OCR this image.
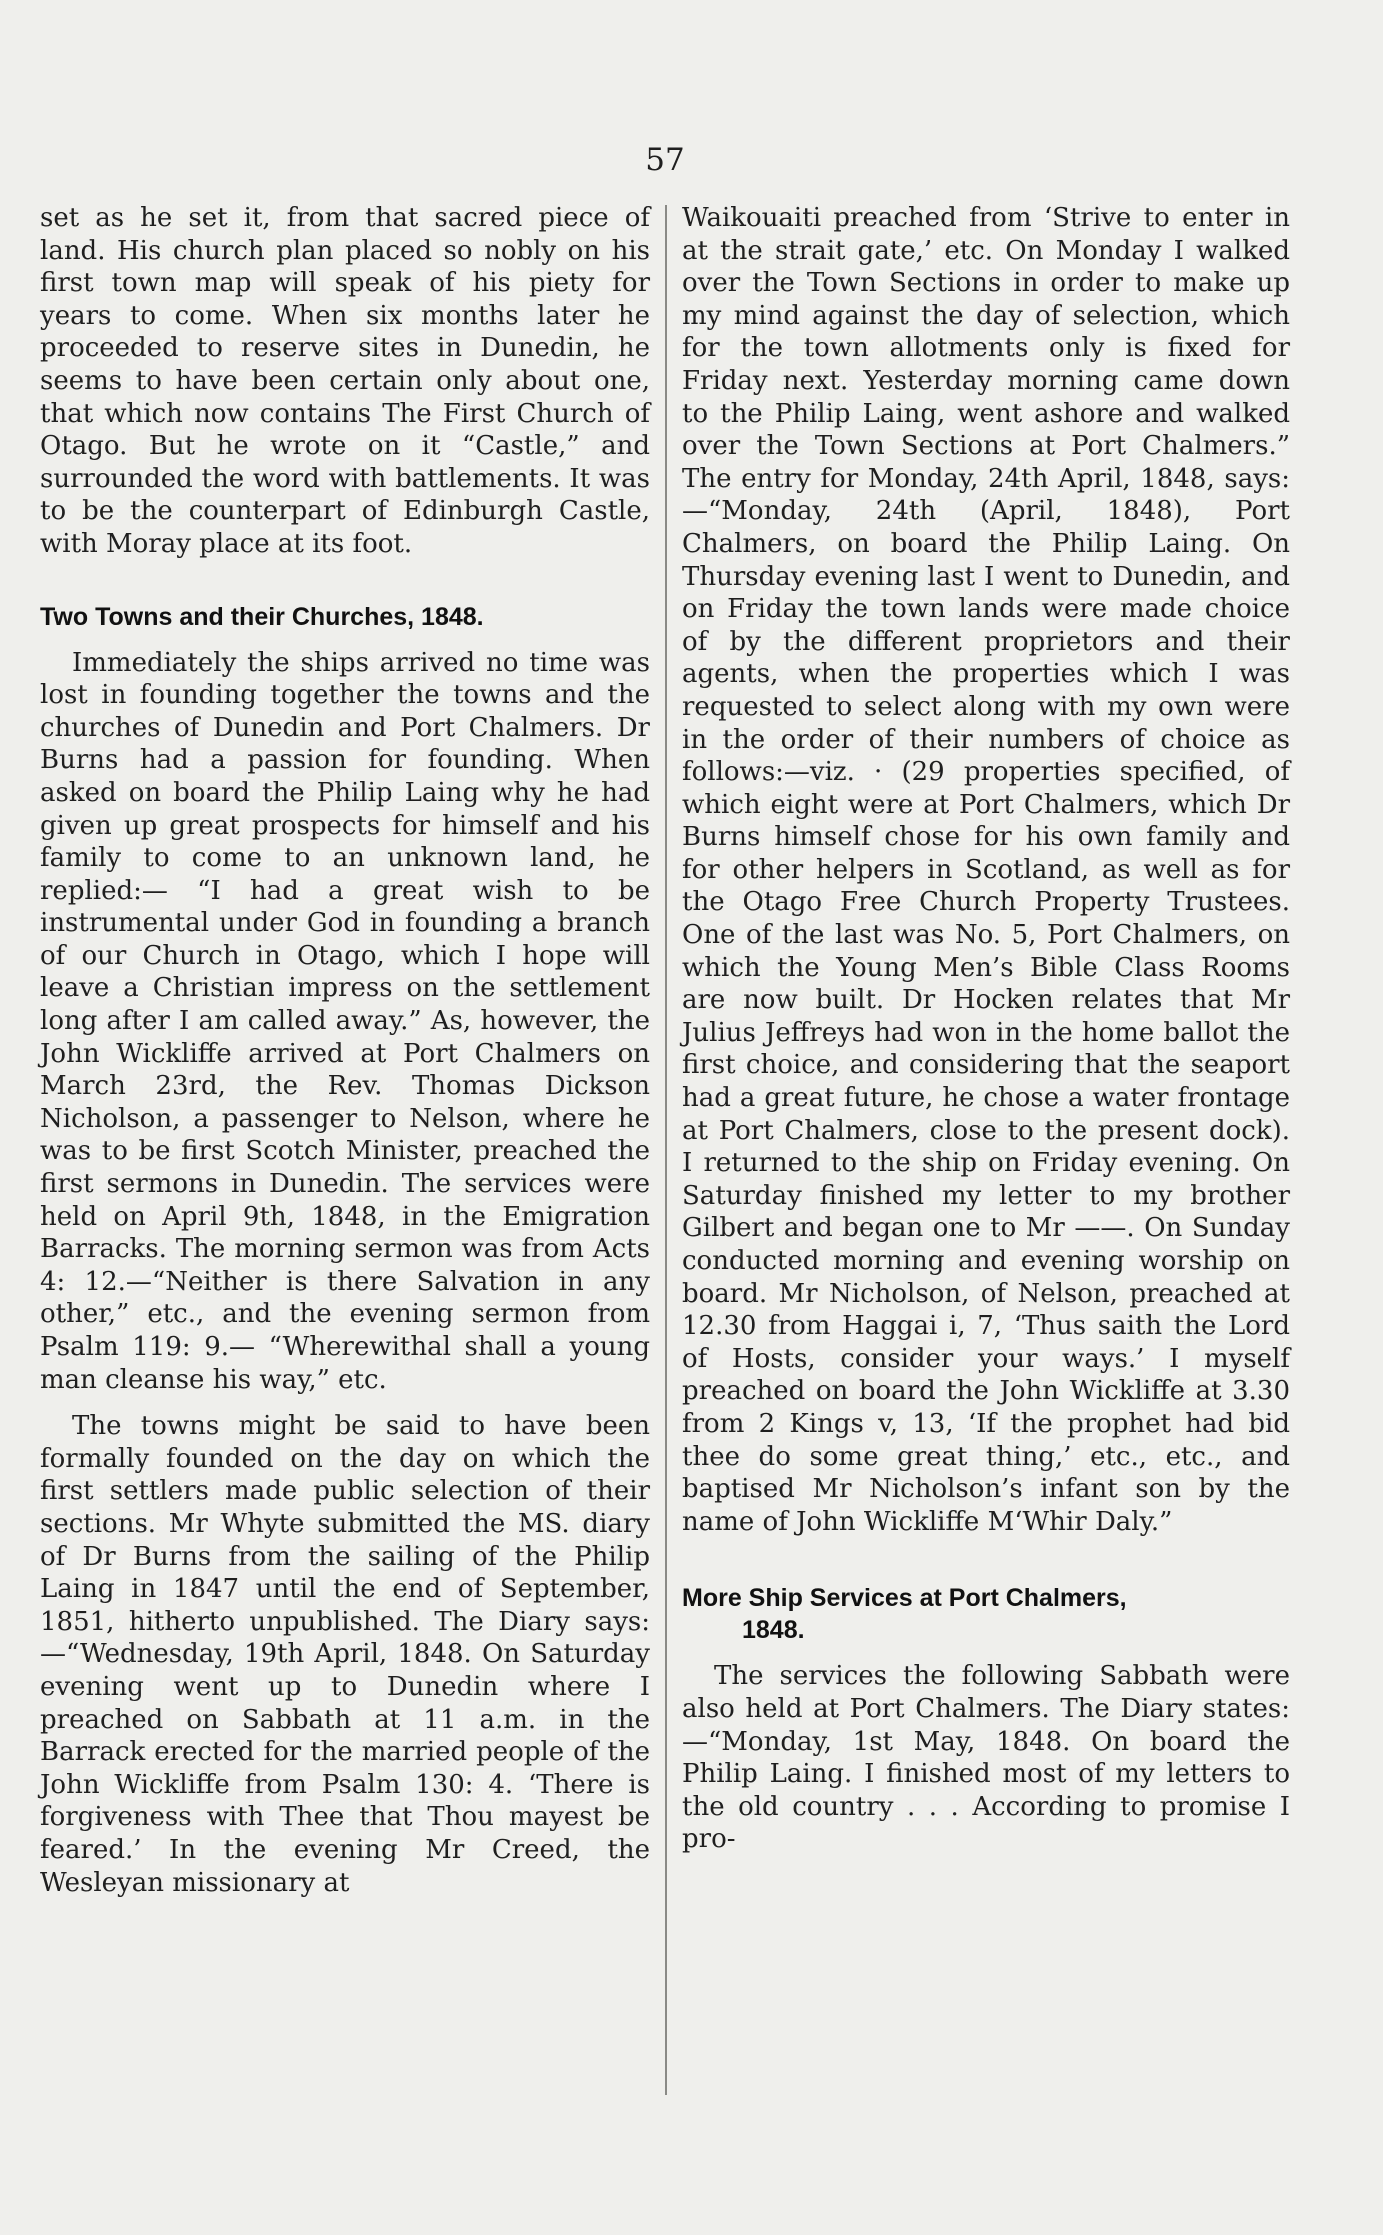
57

set as he set it, from that sacred piece of land. His church plan placed so nobly on his first town map will speak of his piety for years to come. When six months later he proceeded to reserve sites in Dunedin, he seems to have been certain only about one, that which now contains The First Church of Otago. But he wrote on it “Castle,” and surrounded the word with battlements. It was to be the counterpart of Edinburgh Castle, with Moray place at its foot.

Two Towns and their Churches, 1848.

Immediately the ships arrived no time was lost in founding together the towns and the churches of Dunedin and Port Chalmers. Dr Burns had a passion for founding. When asked on board the Philip Laing why he had given up great prospects for himself and his family to come to an unknown land, he replied:— “I had a great wish to be instrumental under God in founding a branch of our Church in Otago, which I hope will leave a Christian impress on the settlement long after I am called away.” As, however, the John Wickliffe arrived at Port Chalmers on March 23rd, the Rev. Thomas Dickson Nicholson, a passenger to Nelson, where he was to be first Scotch Minister, preached the first sermons in Dunedin. The services were held on April 9th, 1848, in the Emigration Barracks. The morning sermon was from Acts 4: 12.—“Neither is there Salvation in any other,” etc., and the evening sermon from Psalm 119: 9.— “Wherewithal shall a young man cleanse his way,” etc.

The towns might be said to have been formally founded on the day on which the first settlers made public selection of their sections. Mr Whyte submitted the MS. diary of Dr Burns from the sailing of the Philip Laing in 1847 until the end of September, 1851, hitherto unpublished. The Diary says:—“Wednesday, 19th April, 1848. On Saturday evening went up to Dunedin where I preached on Sabbath at 11 a.m. in the Barrack erected for the married people of the John Wickliffe from Psalm 130: 4. ‘There is forgiveness with Thee that Thou mayest be feared.’ In the evening Mr Creed, the Wesleyan missionary at

Waikouaiti preached from ‘Strive to enter in at the strait gate,’ etc. On Monday I walked over the Town Sections in order to make up my mind against the day of selection, which for the town allotments only is fixed for Friday next. Yesterday morning came down to the Philip Laing, went ashore and walked over the Town Sections at Port Chalmers.” The entry for Monday, 24th April, 1848, says:—“Monday, 24th (April, 1848), Port Chalmers, on board the Philip Laing. On Thursday evening last I went to Dunedin, and on Friday the town lands were made choice of by the different proprietors and their agents, when the properties which I was requested to select along with my own were in the order of their numbers of choice as follows:—viz. · (29 properties specified, of which eight were at Port Chalmers, which Dr Burns himself chose for his own family and for other helpers in Scotland, as well as for the Otago Free Church Property Trustees. One of the last was No. 5, Port Chalmers, on which the Young Men’s Bible Class Rooms are now built. Dr Hocken relates that Mr Julius Jeffreys had won in the home ballot the first choice, and considering that the seaport had a great future, he chose a water frontage at Port Chalmers, close to the present dock). I returned to the ship on Friday evening. On Saturday finished my letter to my brother Gilbert and began one to Mr ——. On Sunday conducted morning and evening worship on board. Mr Nicholson, of Nelson, preached at 12.30 from Haggai i, 7, ‘Thus saith the Lord of Hosts, consider your ways.’ I myself preached on board the John Wickliffe at 3.30 from 2 Kings v, 13, ‘If the prophet had bid thee do some great thing,’ etc., etc., and baptised Mr Nicholson’s infant son by the name of John Wickliffe M‘Whir Daly.”

More Ship Services at Port Chalmers,
1848.

The services the following Sabbath were also held at Port Chalmers. The Diary states:—“Monday, 1st May, 1848. On board the Philip Laing. I finished most of my letters to the old country . . . According to promise I pro-
